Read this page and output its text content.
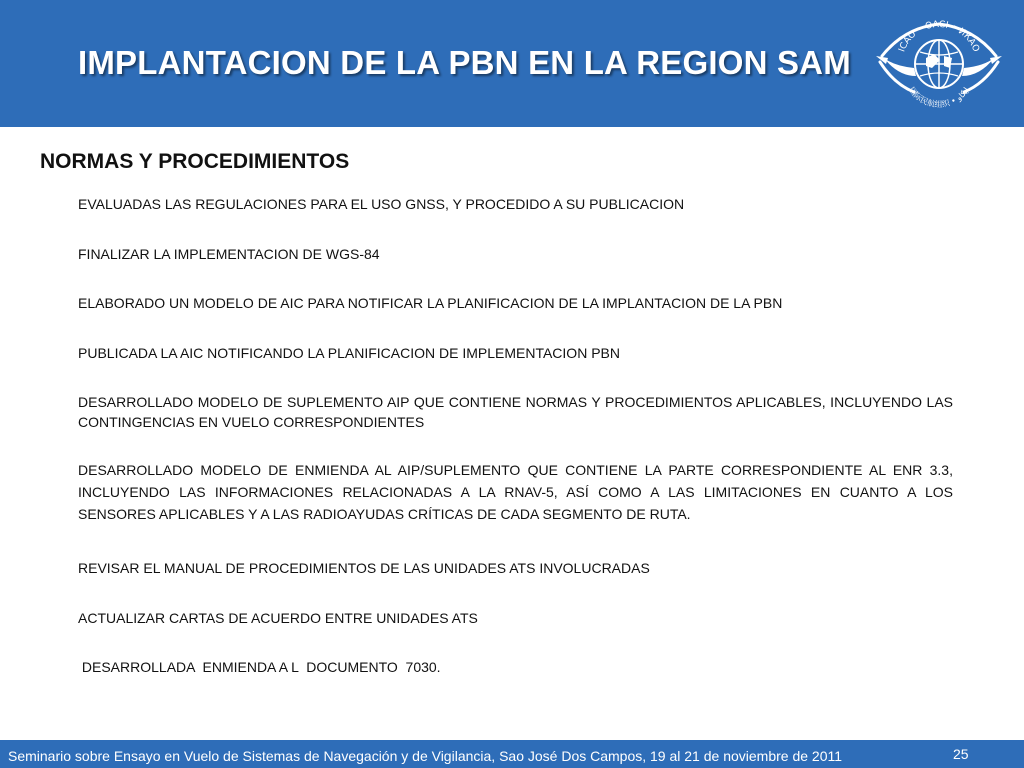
IMPLANTACION DE LA PBN EN LA REGION SAM	ICAO • OACI • ИКАО
国际民航组织 • ايكاو
NORMAS Y PROCEDIMIENTOS
EVALUADAS LAS REGULACIONES PARA EL USO GNSS, Y PROCEDIDO A SU PUBLICACION
FINALIZAR LA IMPLEMENTACION DE WGS-84
ELABORADO UN MODELO DE AIC PARA NOTIFICAR LA PLANIFICACION DE LA IMPLANTACION DE LA PBN
PUBLICADA LA AIC NOTIFICANDO LA PLANIFICACION DE IMPLEMENTACION PBN
DESARROLLADO MODELO DE SUPLEMENTO AIP QUE CONTIENE NORMAS Y PROCEDIMIENTOS APLICABLES, INCLUYENDO LAS CONTINGENCIAS EN VUELO CORRESPONDIENTES
DESARROLLADO MODELO DE ENMIENDA AL AIP/SUPLEMENTO QUE CONTIENE LA PARTE CORRESPONDIENTE AL ENR 3.3, INCLUYENDO LAS INFORMACIONES RELACIONADAS A LA RNAV-5, ASÍ COMO A LAS LIMITACIONES EN CUANTO A LOS SENSORES APLICABLES Y A LAS RADIOAYUDAS CRÍTICAS DE CADA SEGMENTO DE RUTA.
REVISAR EL MANUAL DE PROCEDIMIENTOS DE LAS UNIDADES ATS INVOLUCRADAS
ACTUALIZAR CARTAS DE ACUERDO ENTRE UNIDADES ATS
DESARROLLADA  ENMIENDA A L  DOCUMENTO  7030.
Seminario sobre Ensayo en Vuelo de Sistemas de Navegación y de Vigilancia, Sao José Dos Campos, 19 al 21 de noviembre de 2011	25
